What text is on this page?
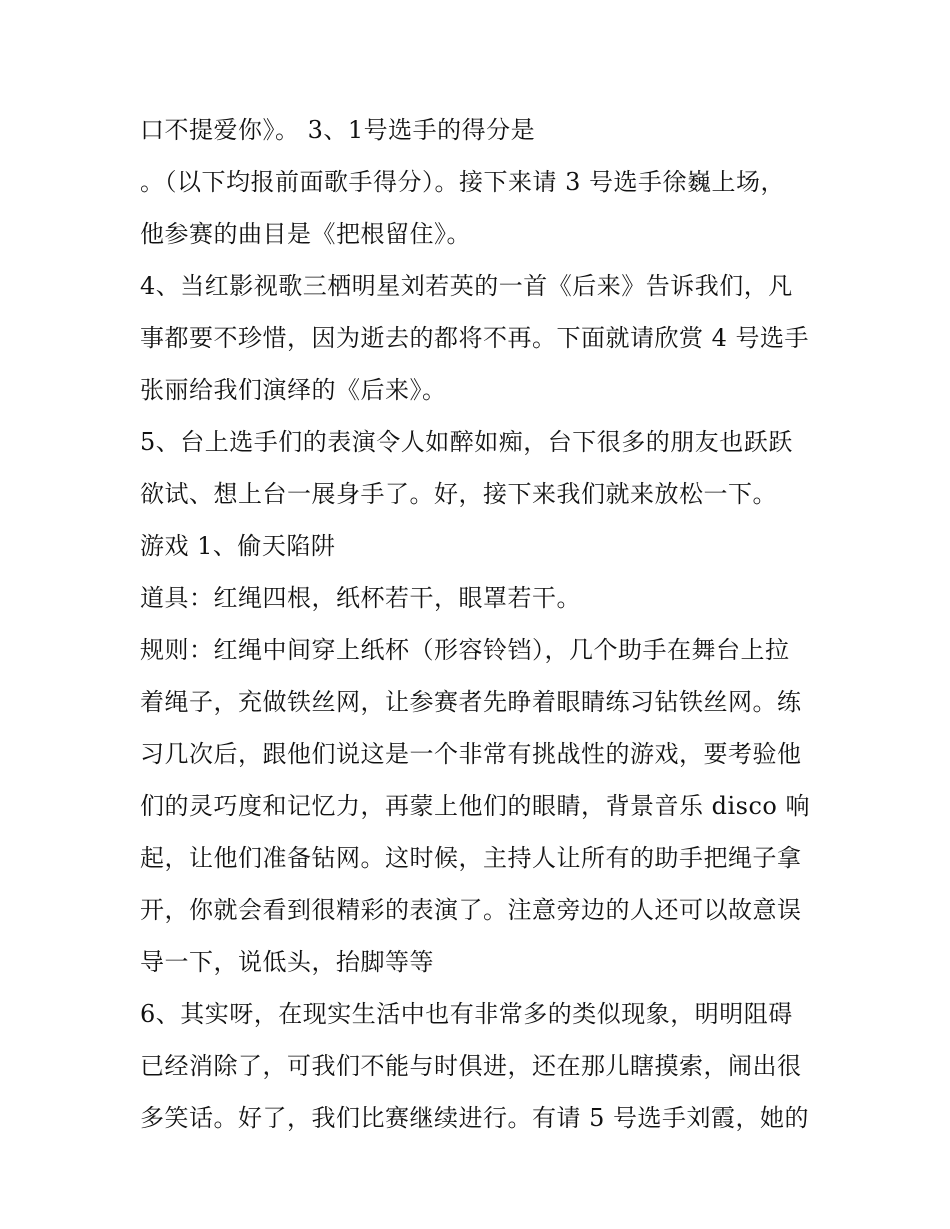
口不提爱你》。 3、1号选手的得分是
。（以下均报前面歌手得分）。接下来请 3 号选手徐巍上场，
他参赛的曲目是《把根留住》。
4、当红影视歌三栖明星刘若英的一首《后来》告诉我们，凡
事都要不珍惜，因为逝去的都将不再。下面就请欣赏 4 号选手
张丽给我们演绎的《后来》。
5、台上选手们的表演令人如醉如痴，台下很多的朋友也跃跃
欲试、想上台一展身手了。好，接下来我们就来放松一下。
游戏 1、偷天陷阱
道具：红绳四根，纸杯若干，眼罩若干。
规则：红绳中间穿上纸杯（形容铃铛），几个助手在舞台上拉
着绳子，充做铁丝网，让参赛者先睁着眼睛练习钻铁丝网。练
习几次后，跟他们说这是一个非常有挑战性的游戏，要考验他
们的灵巧度和记忆力，再蒙上他们的眼睛，背景音乐 disco 响
起，让他们准备钻网。这时候，主持人让所有的助手把绳子拿
开，你就会看到很精彩的表演了。注意旁边的人还可以故意误
导一下，说低头，抬脚等等
6、其实呀，在现实生活中也有非常多的类似现象，明明阻碍
已经消除了，可我们不能与时俱进，还在那儿瞎摸索，闹出很
多笑话。好了，我们比赛继续进行。有请 5 号选手刘霞，她的
